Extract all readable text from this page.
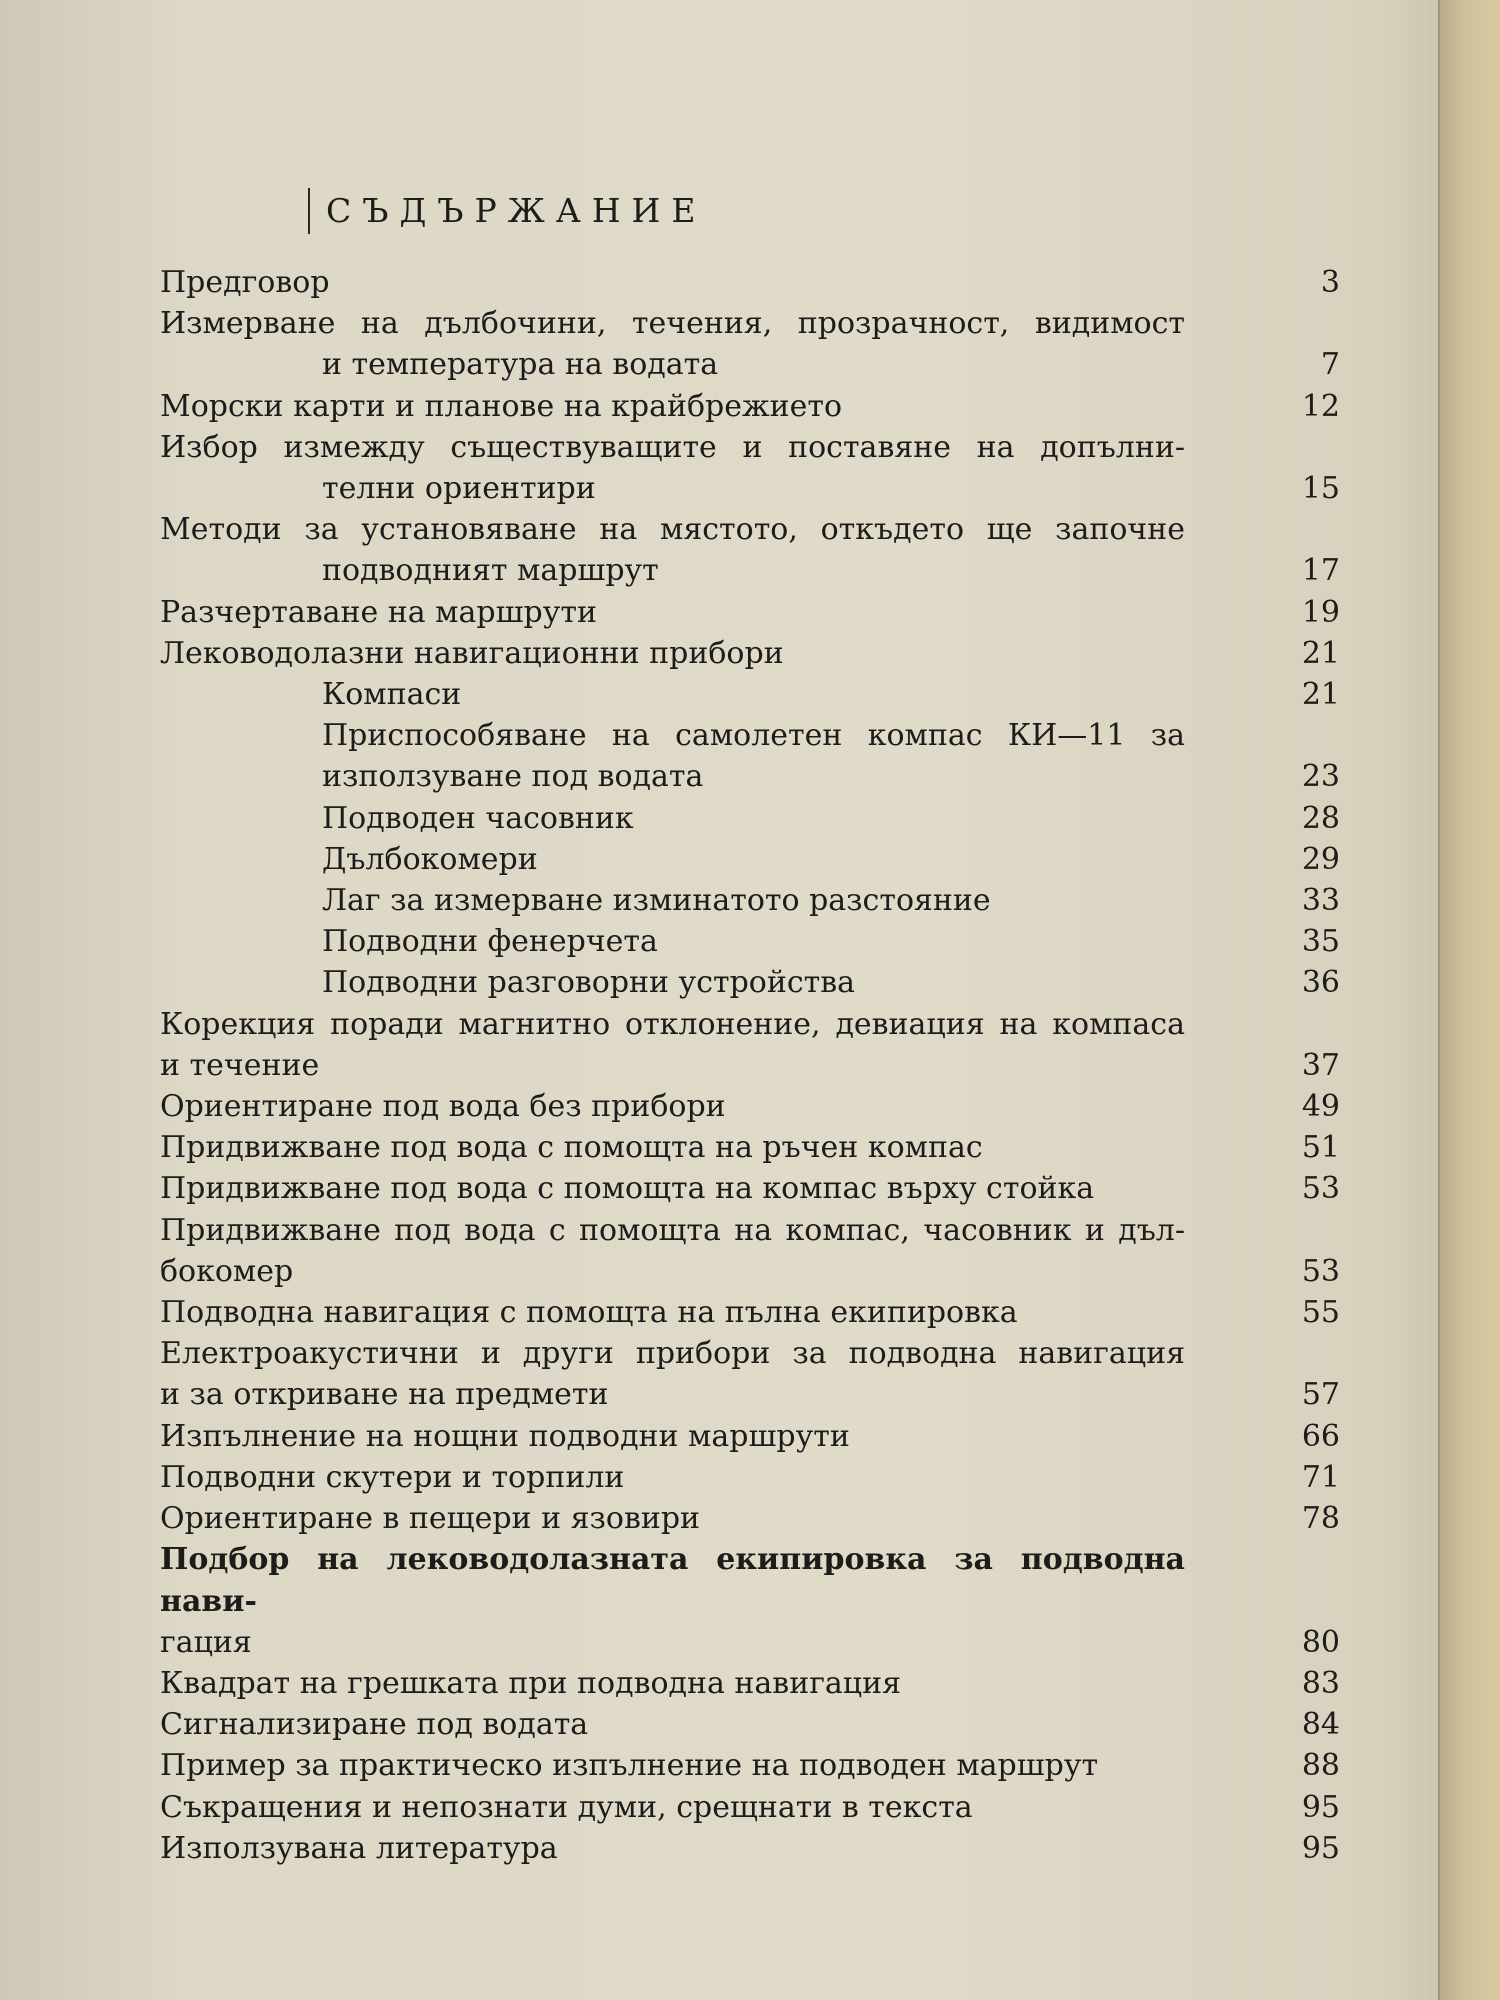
СЪДЪРЖАНИЕ
Предговор	3
Измерване на дълбочини, течения, прозрачност, видимост
и температура на водата	7
Морски карти и планове на крайбрежието	12
Избор измежду съществуващите и поставяне на допълни-
телни ориентири	15
Методи за установяване на мястото, откъдето ще започне
подводният маршрут	17
Разчертаване на маршрути	19
Леководолазни навигационни прибори	21
Компаси	21
Приспособяване на самолетен компас КИ—11 за
използуване под водата	23
Подводен часовник	28
Дълбокомери	29
Лаг за измерване изминатото разстояние	33
Подводни фенерчета	35
Подводни разговорни устройства	36
Корекция поради магнитно отклонение, девиация на компаса
и течение	37
Ориентиране под вода без прибори	49
Придвижване под вода с помощта на ръчен компас	51
Придвижване под вода с помощта на компас върху стойка	53
Придвижване под вода с помощта на компас, часовник и дъл-
бокомер	53
Подводна навигация с помощта на пълна екипировка	55
Електроакустични и други прибори за подводна навигация
и за откриване на предмети	57
Изпълнение на нощни подводни маршрути	66
Подводни скутери и торпили	71
Ориентиране в пещери и язовири	78
Подбор на леководолазната екипировка за подводна нави-
гация	80
Квадрат на грешката при подводна навигация	83
Сигнализиране под водата	84
Пример за практическо изпълнение на подводен маршрут	88
Съкращения и непознати думи, срещнати в текста	95
Използувана литература	95
